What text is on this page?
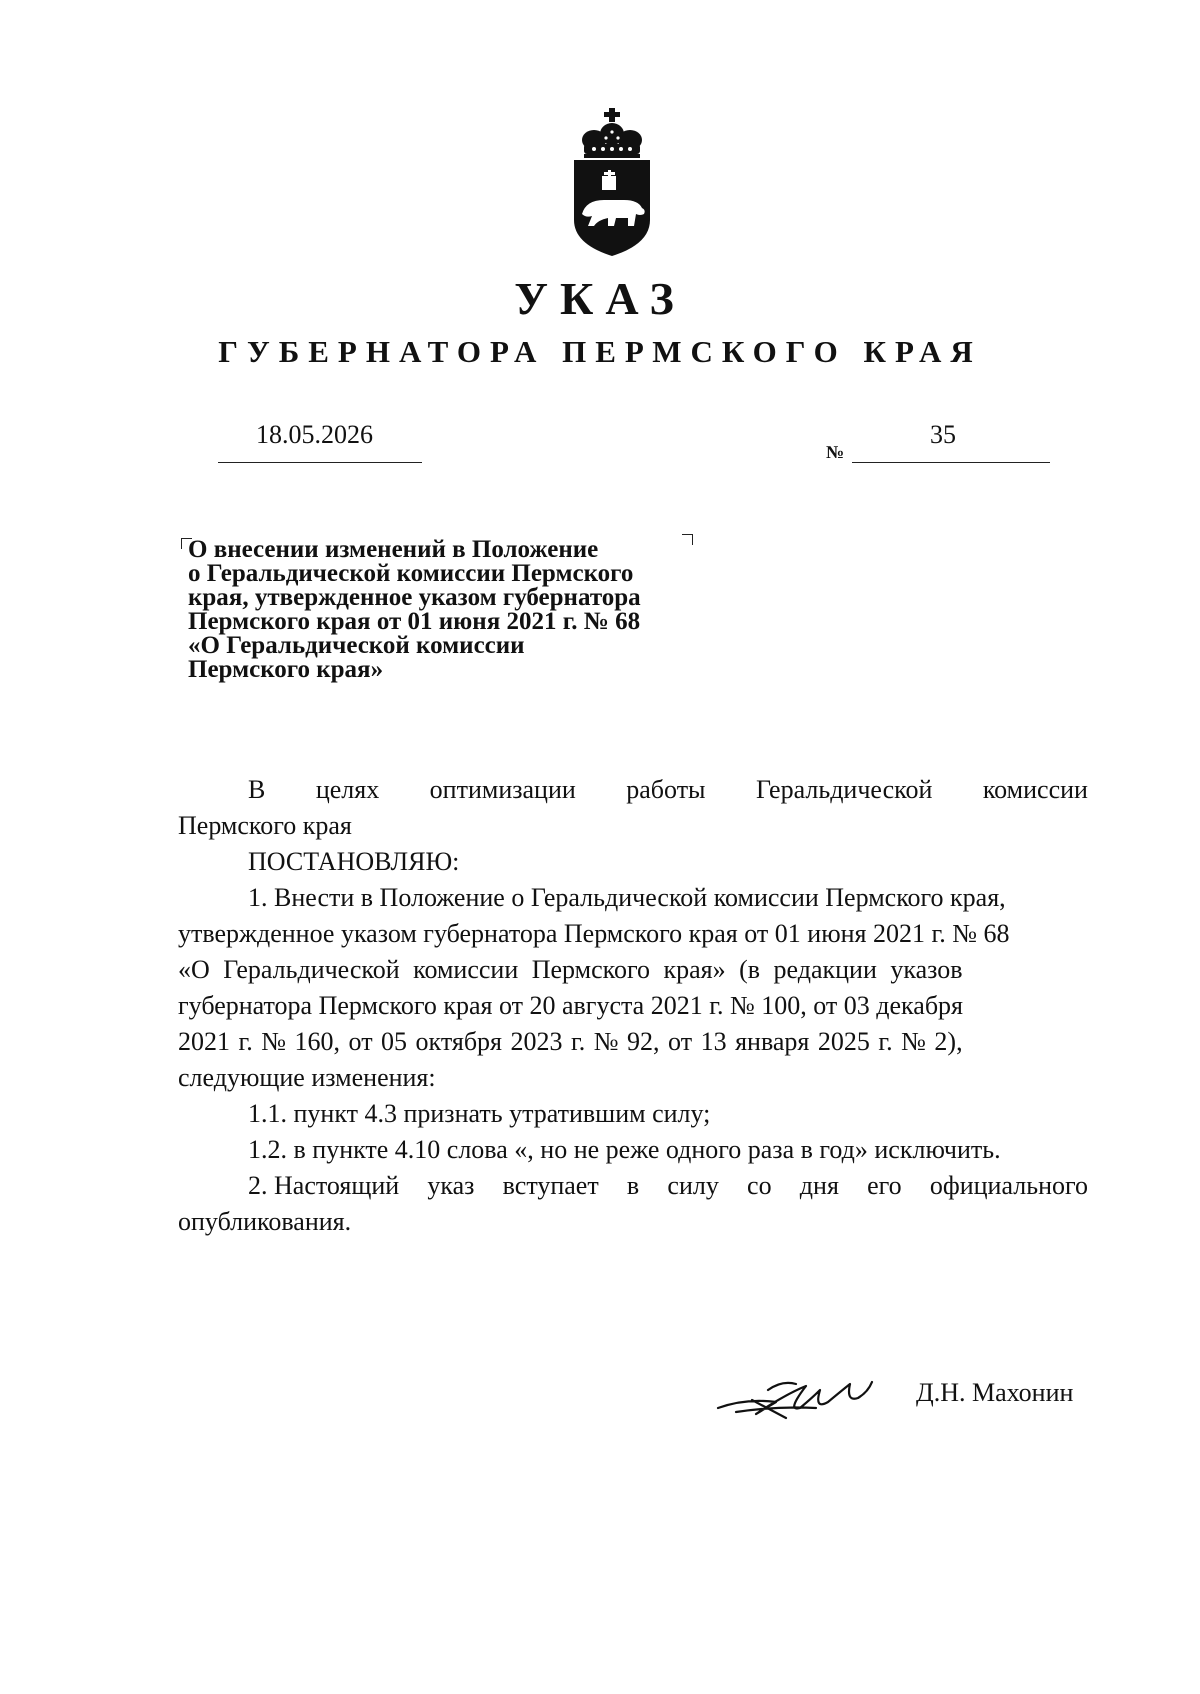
УКАЗ
ГУБЕРНАТОРА ПЕРМСКОГО КРАЯ
18.05.2026
№
35
О внесении изменений в Положение
о Геральдической комиссии Пермского
края, утвержденное указом губернатора
Пермского края от 01 июня 2021 г. № 68
«О Геральдической комиссии
Пермского края»
В целях оптимизации работы Геральдической комиссии
Пермского края
ПОСТАНОВЛЯЮ:
1. Внести в Положение о Геральдической комиссии Пермского края,
утвержденное указом губернатора Пермского края от 01 июня 2021 г. № 68
«О Геральдической комиссии Пермского края» (в редакции указов
губернатора Пермского края от 20 августа 2021 г. № 100, от 03 декабря
2021 г. № 160, от 05 октября 2023 г. № 92, от 13 января 2025 г. № 2),
следующие изменения:
1.1. пункт 4.3 признать утратившим силу;
1.2. в пункте 4.10 слова «, но не реже одного раза в год» исключить.
2. Настоящий указ вступает в силу со дня его официального
опубликования.
Д.Н. Махонин
